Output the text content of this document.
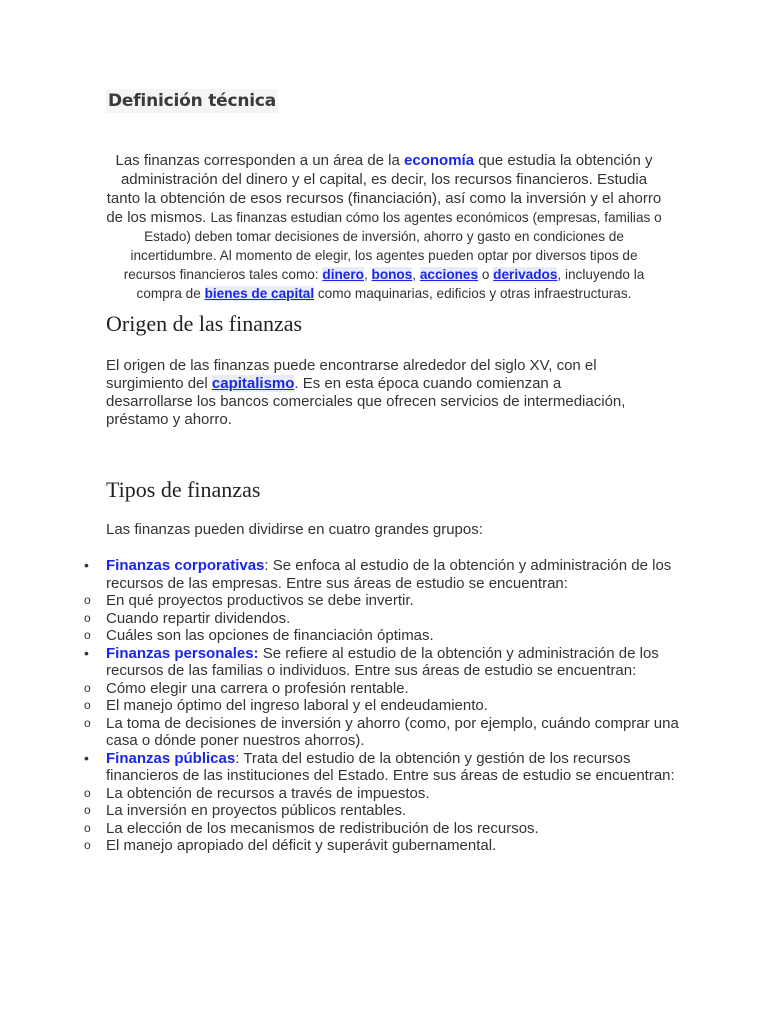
Definición técnica
Las finanzas corresponden a un área de la economía que estudia la obtención y administración del dinero y el capital, es decir, los recursos financieros. Estudia tanto la obtención de esos recursos (financiación), así como la inversión y el ahorro de los mismos. Las finanzas estudian cómo los agentes económicos (empresas, familias o Estado) deben tomar decisiones de inversión, ahorro y gasto en condiciones de incertidumbre. Al momento de elegir, los agentes pueden optar por diversos tipos de recursos financieros tales como: dinero, bonos, acciones o derivados, incluyendo la compra de bienes de capital como maquinarias, edificios y otras infraestructuras.
Origen de las finanzas
El origen de las finanzas puede encontrarse alrededor del siglo XV, con el surgimiento del capitalismo. Es en esta época cuando comienzan a desarrollarse los bancos comerciales que ofrecen servicios de intermediación, préstamo y ahorro.
Tipos de finanzas
Las finanzas pueden dividirse en cuatro grandes grupos:
•	Finanzas corporativas: Se enfoca al estudio de la obtención y administración de los recursos de las empresas. Entre sus áreas de estudio se encuentran:
o	En qué proyectos productivos se debe invertir.
o	Cuando repartir dividendos.
o	Cuáles son las opciones de financiación óptimas.
•	Finanzas personales: Se refiere al estudio de la obtención y administración de los recursos de las familias o individuos. Entre sus áreas de estudio se encuentran:
o	Cómo elegir una carrera o profesión rentable.
o	El manejo óptimo del ingreso laboral y el endeudamiento.
o	La toma de decisiones de inversión y ahorro (como, por ejemplo, cuándo comprar una casa o dónde poner nuestros ahorros).
•	Finanzas públicas: Trata del estudio de la obtención y gestión de los recursos financieros de las instituciones del Estado. Entre sus áreas de estudio se encuentran:
o	La obtención de recursos a través de impuestos.
o	La inversión en proyectos públicos rentables.
o	La elección de los mecanismos de redistribución de los recursos.
o	El manejo apropiado del déficit y superávit gubernamental.
